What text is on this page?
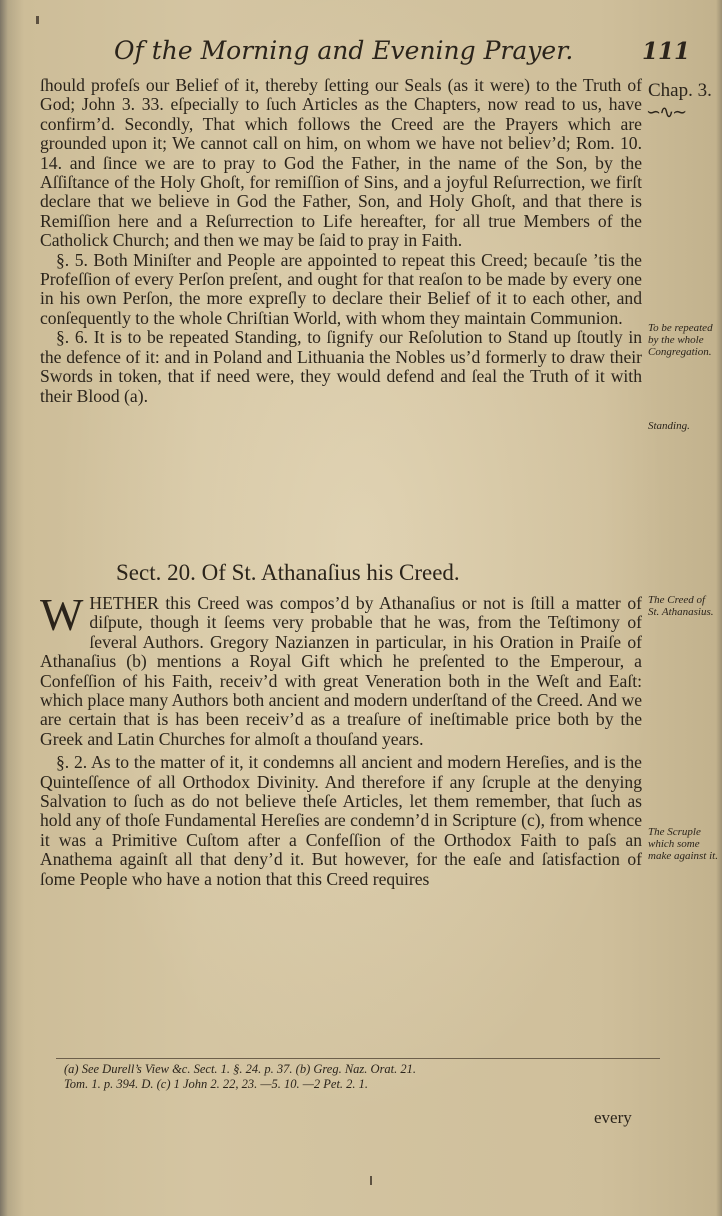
Of the Morning and Evening Prayer.	111
Chap. 3.
∽∿∼

ſhould profeſs our Belief of it, thereby ſetting our Seals (as it were) to the Truth of God; John 3. 33. eſpecially to ſuch Articles as the Chapters, now read to us, have confirm’d. Secondly, That which follows the Creed are the Prayers which are grounded upon it; We cannot call on him, on whom we have not believ’d; Rom. 10. 14. and ſince we are to pray to God the Father, in the name of the Son, by the Aſſiſtance of the Holy Ghoſt, for remiſſion of Sins, and a joyful Reſurrection, we firſt declare that we believe in God the Father, Son, and Holy Ghoſt, and that there is Remiſſion here and a Reſurrection to Life hereafter, for all true Members of the Catholick Church; and then we may be ſaid to pray in Faith.

§. 5. Both Miniſter and People are appointed to repeat this Creed; becauſe ’tis the Profeſſion of every Perſon preſent, and ought for that reaſon to be made by every one in his own Perſon, the more expreſly to declare their Belief of it to each other, and conſequently to the whole Chriſtian World, with whom they maintain Communion.

§. 6. It is to be repeated Standing, to ſignify our Reſolution to Stand up ſtoutly in the defence of it: and in Poland and Lithuania the Nobles us’d formerly to draw their Swords in token, that if need were, they would defend and ſeal the Truth of it with their Blood (a).

To be repeated by the whole Congregation.
Standing.
Sect. 20. Of St. Athanaſius his Creed.

WHETHER this Creed was compos’d by Athanaſius or not is ſtill a matter of diſpute, though it ſeems very probable that he was, from the Teſtimony of ſeveral Authors. Gregory Nazianzen in particular, in his Oration in Praiſe of Athanaſius (b) mentions a Royal Gift which he preſented to the Emperour, a Confeſſion of his Faith, receiv’d with great Veneration both in the Weſt and Eaſt: which place many Authors both ancient and modern underſtand of the Creed. And we are certain that is has been receiv’d as a treaſure of ineſtimable price both by the Greek and Latin Churches for almoſt a thouſand years.

§. 2. As to the matter of it, it condemns all ancient and modern Hereſies, and is the Quinteſſence of all Orthodox Divinity. And therefore if any ſcruple at the denying Salvation to ſuch as do not believe theſe Articles, let them remember, that ſuch as hold any of thoſe Fundamental Hereſies are condemn’d in Scripture (c), from whence it was a Primitive Cuſtom after a Confeſſion of the Orthodox Faith to paſs an Anathema againſt all that deny’d it. But however, for the eaſe and ſatisfaction of ſome People who have a notion that this Creed requires

The Creed of St. Athanasius.
The Scruple which some make against it.
(a) See Durell’s View &c. Sect. 1. §. 24. p. 37. (b) Greg. Naz. Orat. 21.
Tom. 1. p. 394. D. (c) 1 John 2. 22, 23. —5. 10. —2 Pet. 2. 1.
every
